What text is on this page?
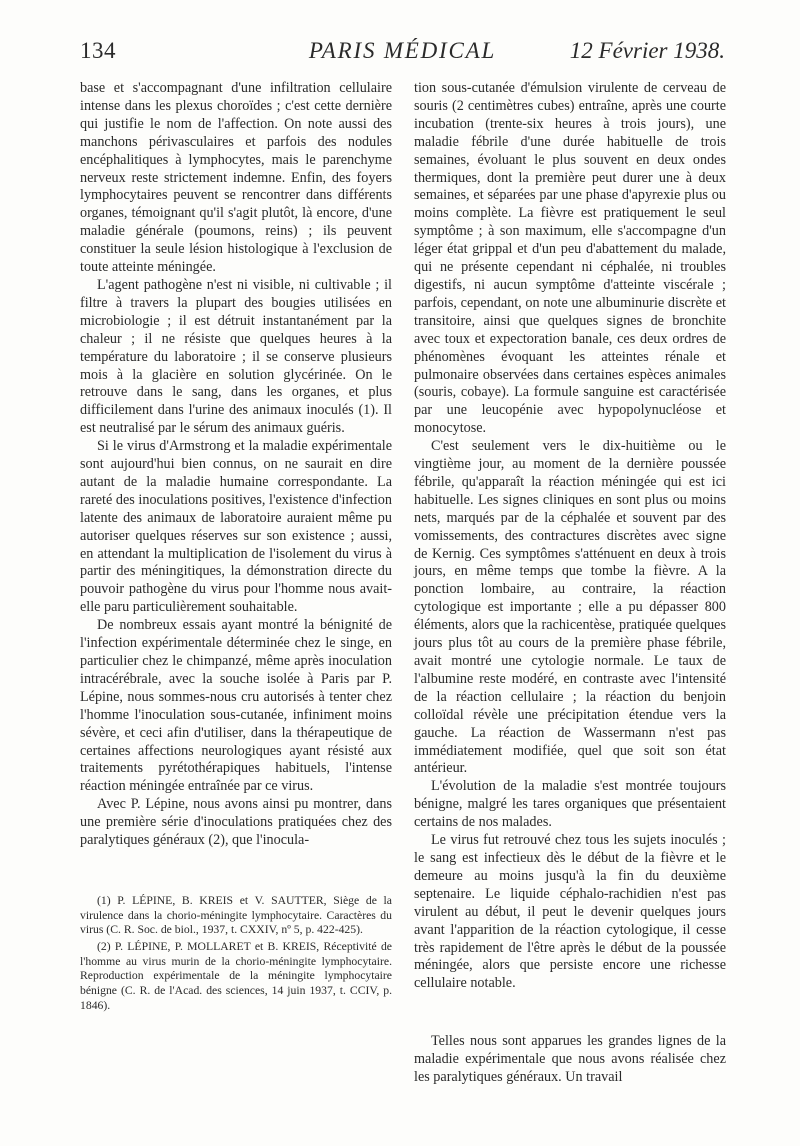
134	PARIS MÉDICAL	12 Février 1938.

base et s'accompagnant d'une infiltration cellulaire intense dans les plexus choroïdes ; c'est cette dernière qui justifie le nom de l'affection. On note aussi des manchons périvasculaires et parfois des nodules encéphalitiques à lymphocytes, mais le parenchyme nerveux reste strictement indemne. Enfin, des foyers lymphocytaires peuvent se rencontrer dans différents organes, témoignant qu'il s'agit plutôt, là encore, d'une maladie générale (poumons, reins) ; ils peuvent constituer la seule lésion histologique à l'exclusion de toute atteinte méningée.

L'agent pathogène n'est ni visible, ni cultivable ; il filtre à travers la plupart des bougies utilisées en microbiologie ; il est détruit instantanément par la chaleur ; il ne résiste que quelques heures à la température du laboratoire ; il se conserve plusieurs mois à la glacière en solution glycérinée. On le retrouve dans le sang, dans les organes, et plus difficilement dans l'urine des animaux inoculés (1). Il est neutralisé par le sérum des animaux guéris.

Si le virus d'Armstrong et la maladie expérimentale sont aujourd'hui bien connus, on ne saurait en dire autant de la maladie humaine correspondante. La rareté des inoculations positives, l'existence d'infection latente des animaux de laboratoire auraient même pu autoriser quelques réserves sur son existence ; aussi, en attendant la multiplication de l'isolement du virus à partir des méningitiques, la démonstration directe du pouvoir pathogène du virus pour l'homme nous avait-elle paru particulièrement souhaitable.

De nombreux essais ayant montré la bénignité de l'infection expérimentale déterminée chez le singe, en particulier chez le chimpanzé, même après inoculation intracérébrale, avec la souche isolée à Paris par P. Lépine, nous sommes-nous cru autorisés à tenter chez l'homme l'inoculation sous-cutanée, infiniment moins sévère, et ceci afin d'utiliser, dans la thérapeutique de certaines affections neurologiques ayant résisté aux traitements pyrétothérapiques habituels, l'intense réaction méningée entraînée par ce virus.

Avec P. Lépine, nous avons ainsi pu montrer, dans une première série d'inoculations pratiquées chez des paralytiques généraux (2), que l'inocula-

(1) P. LÉPINE, B. KREIS et V. SAUTTER, Siège de la virulence dans la chorio-méningite lymphocytaire. Caractères du virus (C. R. Soc. de biol., 1937, t. CXXIV, nº 5, p. 422-425).

(2) P. LÉPINE, P. MOLLARET et B. KREIS, Réceptivité de l'homme au virus murin de la chorio-méningite lymphocytaire. Reproduction expérimentale de la méningite lymphocytaire bénigne (C. R. de l'Acad. des sciences, 14 juin 1937, t. CCIV, p. 1846).

tion sous-cutanée d'émulsion virulente de cerveau de souris (2 centimètres cubes) entraîne, après une courte incubation (trente-six heures à trois jours), une maladie fébrile d'une durée habituelle de trois semaines, évoluant le plus souvent en deux ondes thermiques, dont la première peut durer une à deux semaines, et séparées par une phase d'apyrexie plus ou moins complète. La fièvre est pratiquement le seul symptôme ; à son maximum, elle s'accompagne d'un léger état grippal et d'un peu d'abattement du malade, qui ne présente cependant ni céphalée, ni troubles digestifs, ni aucun symptôme d'atteinte viscérale ; parfois, cependant, on note une albuminurie discrète et transitoire, ainsi que quelques signes de bronchite avec toux et expectoration banale, ces deux ordres de phénomènes évoquant les atteintes rénale et pulmonaire observées dans certaines espèces animales (souris, cobaye). La formule sanguine est caractérisée par une leucopénie avec hypopolynucléose et monocytose.

C'est seulement vers le dix-huitième ou le vingtième jour, au moment de la dernière poussée fébrile, qu'apparaît la réaction méningée qui est ici habituelle. Les signes cliniques en sont plus ou moins nets, marqués par de la céphalée et souvent par des vomissements, des contractures discrètes avec signe de Kernig. Ces symptômes s'atténuent en deux à trois jours, en même temps que tombe la fièvre. A la ponction lombaire, au contraire, la réaction cytologique est importante ; elle a pu dépasser 800 éléments, alors que la rachicentèse, pratiquée quelques jours plus tôt au cours de la première phase fébrile, avait montré une cytologie normale. Le taux de l'albumine reste modéré, en contraste avec l'intensité de la réaction cellulaire ; la réaction du benjoin colloïdal révèle une précipitation étendue vers la gauche. La réaction de Wassermann n'est pas immédiatement modifiée, quel que soit son état antérieur.

L'évolution de la maladie s'est montrée toujours bénigne, malgré les tares organiques que présentaient certains de nos malades.

Le virus fut retrouvé chez tous les sujets inoculés ; le sang est infectieux dès le début de la fièvre et le demeure au moins jusqu'à la fin du deuxième septenaire. Le liquide céphalo-rachidien n'est pas virulent au début, il peut le devenir quelques jours avant l'apparition de la réaction cytologique, il cesse très rapidement de l'être après le début de la poussée méningée, alors que persiste encore une richesse cellulaire notable.

Telles nous sont apparues les grandes lignes de la maladie expérimentale que nous avons réalisée chez les paralytiques généraux. Un travail
